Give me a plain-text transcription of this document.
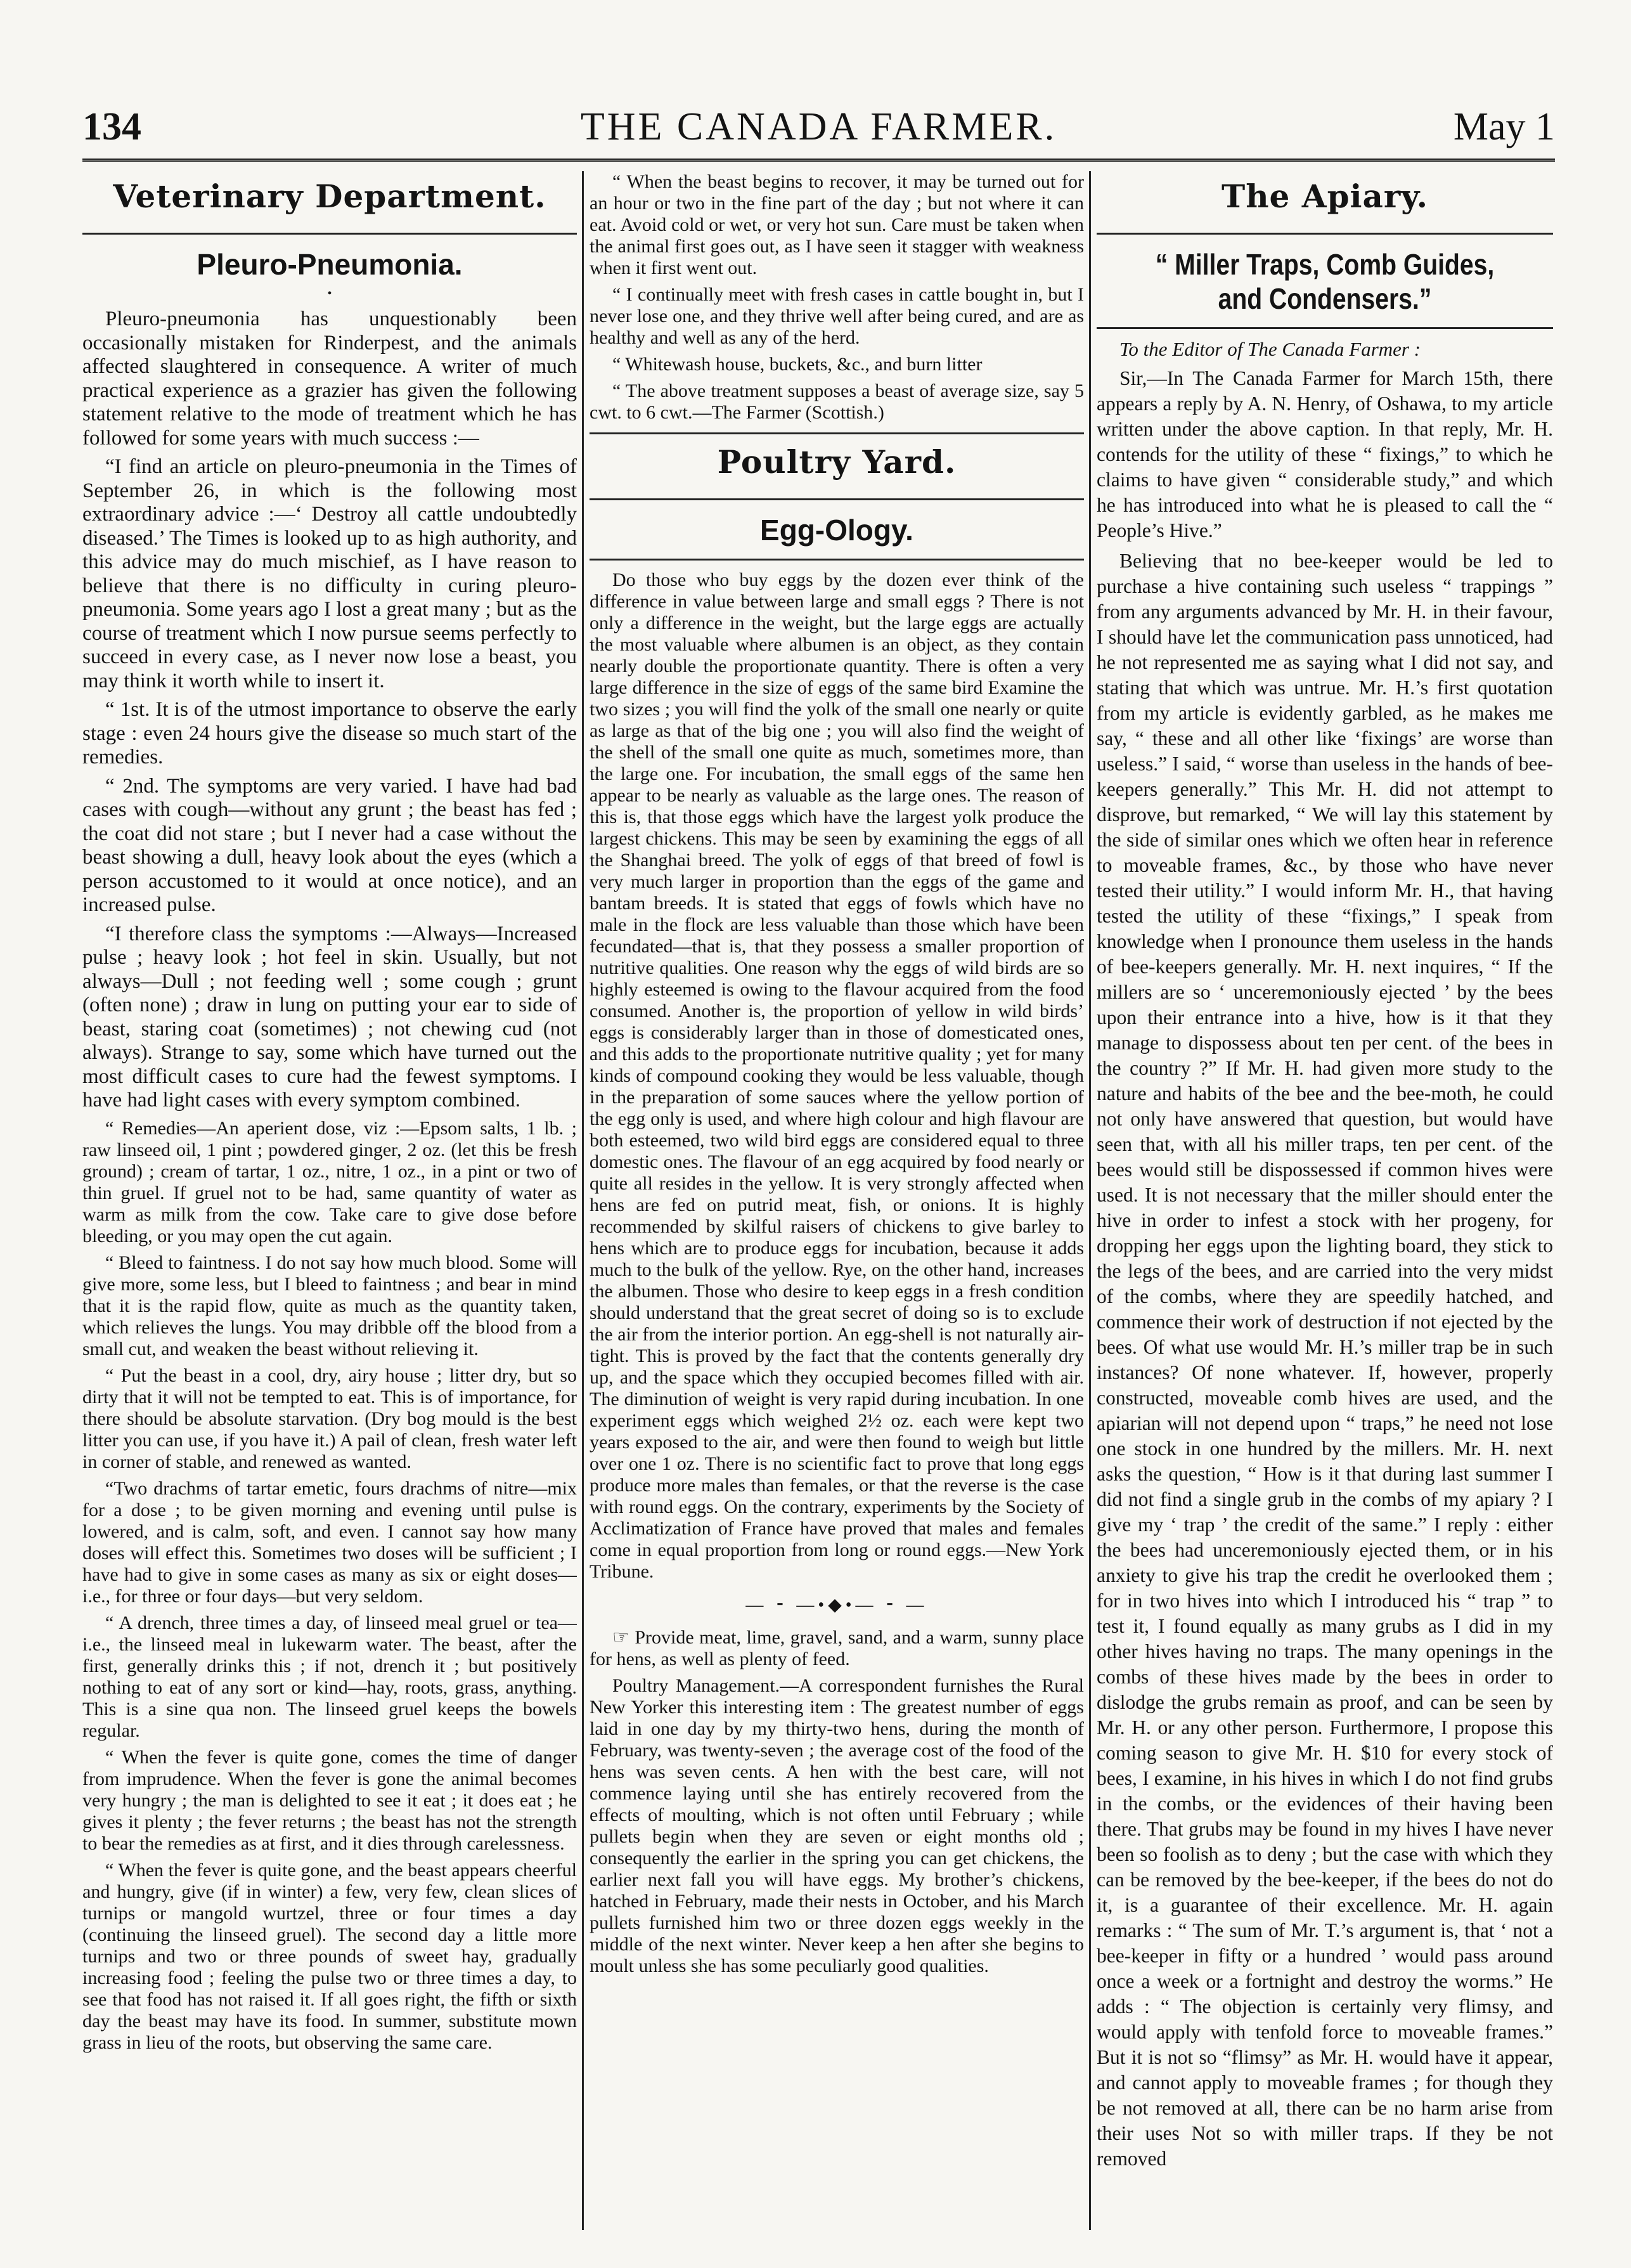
134	THE CANADA FARMER.	May 1
Veterinary Department.
Pleuro-Pneumonia.
•

Pleuro-pneumonia has unquestionably been occasionally mistaken for Rinderpest, and the animals affected slaughtered in consequence. A writer of much practical experience as a grazier has given the following statement relative to the mode of treatment which he has followed for some years with much success :—

“I find an article on pleuro-pneumonia in the Times of September 26, in which is the following most extraordinary advice :—‘ Destroy all cattle undoubtedly diseased.’ The Times is looked up to as high authority, and this advice may do much mischief, as I have reason to believe that there is no difficulty in curing pleuro-pneumonia. Some years ago I lost a great many ; but as the course of treatment which I now pursue seems perfectly to succeed in every case, as I never now lose a beast, you may think it worth while to insert it.

“ 1st. It is of the utmost importance to observe the early stage : even 24 hours give the disease so much start of the remedies.

“ 2nd. The symptoms are very varied. I have had bad cases with cough—without any grunt ; the beast has fed ; the coat did not stare ; but I never had a case without the beast showing a dull, heavy look about the eyes (which a person accustomed to it would at once notice), and an increased pulse.

“I therefore class the symptoms :—Always—Increased pulse ; heavy look ; hot feel in skin. Usually, but not always—Dull ; not feeding well ; some cough ; grunt (often none) ; draw in lung on putting your ear to side of beast, staring coat (sometimes) ; not chewing cud (not always). Strange to say, some which have turned out the most difficult cases to cure had the fewest symptoms. I have had light cases with every symptom combined.

“ Remedies—An aperient dose, viz :—Epsom salts, 1 lb. ; raw linseed oil, 1 pint ; powdered ginger, 2 oz. (let this be fresh ground) ; cream of tartar, 1 oz., nitre, 1 oz., in a pint or two of thin gruel. If gruel not to be had, same quantity of water as warm as milk from the cow. Take care to give dose before bleeding, or you may open the cut again.

“ Bleed to faintness. I do not say how much blood. Some will give more, some less, but I bleed to faintness ; and bear in mind that it is the rapid flow, quite as much as the quantity taken, which relieves the lungs. You may dribble off the blood from a small cut, and weaken the beast without relieving it.

“ Put the beast in a cool, dry, airy house ; litter dry, but so dirty that it will not be tempted to eat. This is of importance, for there should be absolute starvation. (Dry bog mould is the best litter you can use, if you have it.) A pail of clean, fresh water left in corner of stable, and renewed as wanted.

“Two drachms of tartar emetic, fours drachms of nitre—mix for a dose ; to be given morning and evening until pulse is lowered, and is calm, soft, and even. I cannot say how many doses will effect this. Sometimes two doses will be sufficient ; I have had to give in some cases as many as six or eight doses—i.e., for three or four days—but very seldom.

“ A drench, three times a day, of linseed meal gruel or tea—i.e., the linseed meal in lukewarm water. The beast, after the first, generally drinks this ; if not, drench it ; but positively nothing to eat of any sort or kind—hay, roots, grass, anything. This is a sine qua non. The linseed gruel keeps the bowels regular.

“ When the fever is quite gone, comes the time of danger from imprudence. When the fever is gone the animal becomes very hungry ; the man is delighted to see it eat ; it does eat ; he gives it plenty ; the fever returns ; the beast has not the strength to bear the remedies as at first, and it dies through carelessness.

“ When the fever is quite gone, and the beast appears cheerful and hungry, give (if in winter) a few, very few, clean slices of turnips or mangold wurtzel, three or four times a day (continuing the linseed gruel). The second day a little more turnips and two or three pounds of sweet hay, gradually increasing food ; feeling the pulse two or three times a day, to see that food has not raised it. If all goes right, the fifth or sixth day the beast may have its food. In summer, substitute mown grass in lieu of the roots, but observing the same care.

“ When the beast begins to recover, it may be turned out for an hour or two in the fine part of the day ; but not where it can eat. Avoid cold or wet, or very hot sun. Care must be taken when the animal first goes out, as I have seen it stagger with weakness when it first went out.

“ I continually meet with fresh cases in cattle bought in, but I never lose one, and they thrive well after being cured, and are as healthy and well as any of the herd.

“ Whitewash house, buckets, &c., and burn litter

“ The above treatment supposes a beast of average size, say 5 cwt. to 6 cwt.—The Farmer (Scottish.)

Poultry Yard.
Egg-Ology.

Do those who buy eggs by the dozen ever think of the difference in value between large and small eggs ? There is not only a difference in the weight, but the large eggs are actually the most valuable where albumen is an object, as they contain nearly double the proportionate quantity. There is often a very large difference in the size of eggs of the same bird Examine the two sizes ; you will find the yolk of the small one nearly or quite as large as that of the big one ; you will also find the weight of the shell of the small one quite as much, sometimes more, than the large one. For incubation, the small eggs of the same hen appear to be nearly as valuable as the large ones. The reason of this is, that those eggs which have the largest yolk produce the largest chickens. This may be seen by examining the eggs of all the Shanghai breed. The yolk of eggs of that breed of fowl is very much larger in proportion than the eggs of the game and bantam breeds. It is stated that eggs of fowls which have no male in the flock are less valuable than those which have been fecundated—that is, that they possess a smaller proportion of nutritive qualities. One reason why the eggs of wild birds are so highly esteemed is owing to the flavour acquired from the food consumed. Another is, the proportion of yellow in wild birds’ eggs is considerably larger than in those of domesticated ones, and this adds to the proportionate nutritive quality ; yet for many kinds of compound cooking they would be less valuable, though in the preparation of some sauces where the yellow portion of the egg only is used, and where high colour and high flavour are both esteemed, two wild bird eggs are considered equal to three domestic ones. The flavour of an egg acquired by food nearly or quite all resides in the yellow. It is very strongly affected when hens are fed on putrid meat, fish, or onions. It is highly recommended by skilful raisers of chickens to give barley to hens which are to produce eggs for incubation, because it adds much to the bulk of the yellow. Rye, on the other hand, increases the albumen. Those who desire to keep eggs in a fresh condition should understand that the great secret of doing so is to exclude the air from the interior portion. An egg-shell is not naturally air-tight. This is proved by the fact that the contents generally dry up, and the space which they occupied becomes filled with air. The diminution of weight is very rapid during incubation. In one experiment eggs which weighed 2½ oz. each were kept two years exposed to the air, and were then found to weigh but little over one 1 oz. There is no scientific fact to prove that long eggs produce more males than females, or that the reverse is the case with round eggs. On the contrary, experiments by the Society of Acclimatization of France have proved that males and females come in equal proportion from long or round eggs.—New York Tribune.

— ⁃ —•◆•— ⁃ —

☞ Provide meat, lime, gravel, sand, and a warm, sunny place for hens, as well as plenty of feed.

Poultry Management.—A correspondent furnishes the Rural New Yorker this interesting item : The greatest number of eggs laid in one day by my thirty-two hens, during the month of February, was twenty-seven ; the average cost of the food of the hens was seven cents. A hen with the best care, will not commence laying until she has entirely recovered from the effects of moulting, which is not often until February ; while pullets begin when they are seven or eight months old ; consequently the earlier in the spring you can get chickens, the earlier next fall you will have eggs. My brother’s chickens, hatched in February, made their nests in October, and his March pullets furnished him two or three dozen eggs weekly in the middle of the next winter. Never keep a hen after she begins to moult unless she has some peculiarly good qualities.

The Apiary.
“ Miller Traps, Comb Guides, and Condensers.”
To the Editor of The Canada Farmer :

Sir,—In The Canada Farmer for March 15th, there appears a reply by A. N. Henry, of Oshawa, to my article written under the above caption. In that reply, Mr. H. contends for the utility of these “ fixings,” to which he claims to have given “ considerable study,” and which he has introduced into what he is pleased to call the “ People’s Hive.”

Believing that no bee-keeper would be led to purchase a hive containing such useless “ trappings ” from any arguments advanced by Mr. H. in their favour, I should have let the communication pass unnoticed, had he not represented me as saying what I did not say, and stating that which was untrue. Mr. H.’s first quotation from my article is evidently garbled, as he makes me say, “ these and all other like ‘fixings’ are worse than useless.” I said, “ worse than useless in the hands of bee-keepers generally.” This Mr. H. did not attempt to disprove, but remarked, “ We will lay this statement by the side of similar ones which we often hear in reference to moveable frames, &c., by those who have never tested their utility.” I would inform Mr. H., that having tested the utility of these “fixings,” I speak from knowledge when I pronounce them useless in the hands of bee-keepers generally. Mr. H. next inquires, “ If the millers are so ‘ unceremoniously ejected ’ by the bees upon their entrance into a hive, how is it that they manage to dispossess about ten per cent. of the bees in the country ?” If Mr. H. had given more study to the nature and habits of the bee and the bee-moth, he could not only have answered that question, but would have seen that, with all his miller traps, ten per cent. of the bees would still be dispossessed if common hives were used. It is not necessary that the miller should enter the hive in order to infest a stock with her progeny, for dropping her eggs upon the lighting board, they stick to the legs of the bees, and are carried into the very midst of the combs, where they are speedily hatched, and commence their work of destruction if not ejected by the bees. Of what use would Mr. H.’s miller trap be in such instances? Of none whatever. If, however, properly constructed, moveable comb hives are used, and the apiarian will not depend upon “ traps,” he need not lose one stock in one hundred by the millers. Mr. H. next asks the question, “ How is it that during last summer I did not find a single grub in the combs of my apiary ? I give my ‘ trap ’ the credit of the same.” I reply : either the bees had unceremoniously ejected them, or in his anxiety to give his trap the credit he overlooked them ; for in two hives into which I introduced his “ trap ” to test it, I found equally as many grubs as I did in my other hives having no traps. The many openings in the combs of these hives made by the bees in order to dislodge the grubs remain as proof, and can be seen by Mr. H. or any other person. Furthermore, I propose this coming season to give Mr. H. $10 for every stock of bees, I examine, in his hives in which I do not find grubs in the combs, or the evidences of their having been there. That grubs may be found in my hives I have never been so foolish as to deny ; but the case with which they can be removed by the bee-keeper, if the bees do not do it, is a guarantee of their excellence. Mr. H. again remarks : “ The sum of Mr. T.’s argument is, that ‘ not a bee-keeper in fifty or a hundred ’ would pass around once a week or a fortnight and destroy the worms.” He adds : “ The objection is certainly very flimsy, and would apply with tenfold force to moveable frames.” But it is not so “flimsy” as Mr. H. would have it appear, and cannot apply to moveable frames ; for though they be not removed at all, there can be no harm arise from their uses Not so with miller traps. If they be not removed
